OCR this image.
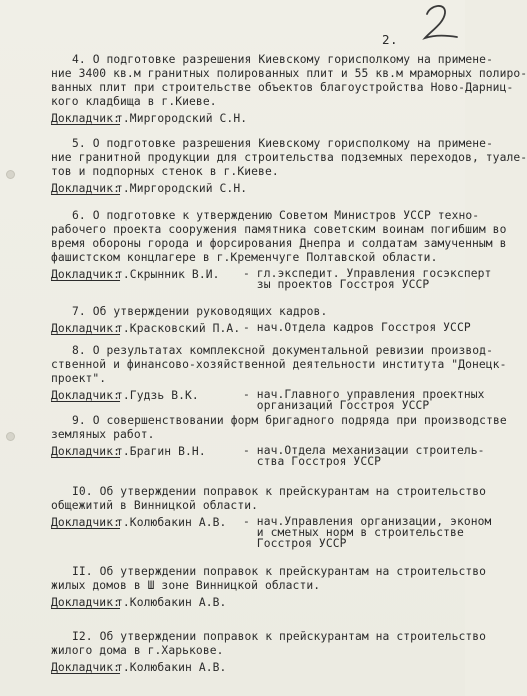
2.
4. О подготовке разрешения Киевскому горисполкому на примене-
ние 3400 кв.м гранитных полированных плит и 55 кв.м мраморных полиро-
ванных плит при строительстве объектов благоустройства Ново-Дарниц-
кого кладбища в г.Киеве.
Докладчик:
т.Миргородский С.Н.
5. О подготовке разрешения Киевскому горисполкому на примене-
ние гранитной продукции для строительства подземных переходов, туале-
тов и подпорных стенок в г.Киеве.
Докладчик:
т.Миргородский С.Н.
6. О подготовке к утверждению Советом Министров УССР техно-
рабочего проекта сооружения памятника советским воинам погибшим во
время обороны города и форсирования Днепра и солдатам замученным в
фашистском концлагере в г.Кременчуге Полтавской области.
Докладчик:
т.Скрынник В.И. - гл.экспедит. Управления госэксперт
зы проектов Госстроя УССР
7. Об утверждении руководящих кадров.
Докладчик:
т.Красковский П.А. - нач.Отдела кадров Госстроя УССР
8. О результатах комплексной документальной ревизии производ-
ственной и финансово-хозяйственной деятельности института "Донецк-
проект".
Докладчик:
т.Гудзь В.К.	- нач.Главного управления проектных
организаций Госстроя УССР
9. О совершенствовании форм бригадного подряда при производстве
земляных работ.
Докладчик:
т.Брагин В.Н.	- нач.Отдела механизации строитель-
ства Госстроя УССР
I0. Об утверждении поправок к прейскурантам на строительство
общежитий в Винницкой области.
Докладчик:
т.Колюбакин А.В. - нач.Управления организации, эконом
и сметных норм в строительстве
Госстроя УССР
II. Об утверждении поправок к прейскурантам на строительство
жилых домов в Ш зоне Винницкой области.
Докладчик:
т.Колюбакин А.В.
I2. Об утверждении поправок к прейскурантам на строительство
жилого дома в г.Харькове.
Докладчик:
т.Колюбакин А.В.
